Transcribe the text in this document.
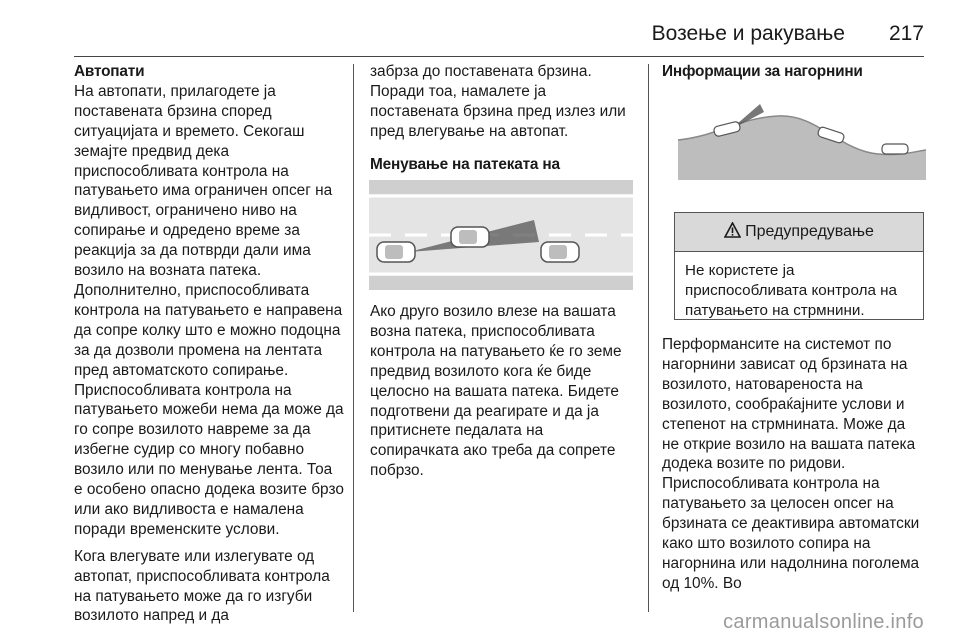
Возење и ракување 217

Автопати

На автопати, прилагодете ја поставената брзина според ситуацијата и времето. Секогаш земајте предвид дека приспособливата контрола на патувањето има ограничен опсег на видливост, ограничено ниво на сопирање и одредено време за реакција за да потврди дали има возило на возната патека. Дополнително, приспособливата контрола на патувањето е направена да сопре колку што е можно подоцна за да дозволи промена на лентата пред автоматското сопирање. Приспособливата контрола на патувањето можеби нема да може да го сопре возилото навреме за да избегне судир со многу побавно возило или по менување лента. Тоа е особено опасно додека возите брзо или ако видливоста е намалена поради временските услови.

Кога влегувате или излегувате од автопат, приспособливата контрола на патувањето може да го изгуби возилото напред и да

забрза до поставената брзина. Поради тоа, намалете ја поставената брзина пред излез или пред влегување на автопат.

Менување на патеката на

Ако друго возило влезе на вашата возна патека, приспособливата контрола на патувањето ќе го земе предвид возилото кога ќе биде целосно на вашата патека. Бидете подготвени да реагирате и да ја притиснете педалата на сопирачката ако треба да сопрете побрзо.

Информации за нагорнини

Предупредување
Не користете ја приспособливата контрола на патувањето на стрмнини.

Перформансите на системот по нагорнини зависат од брзината на возилото, натовареноста на возилото, сообраќајните услови и степенот на стрмнината. Може да не открие возило на вашата патека додека возите по ридови. Приспособливата контрола на патувањето за целосен опсег на брзината се деактивира автоматски како што возилото сопира на нагорнина или надолнина поголема од 10%. Во

carmanualsonline.info
